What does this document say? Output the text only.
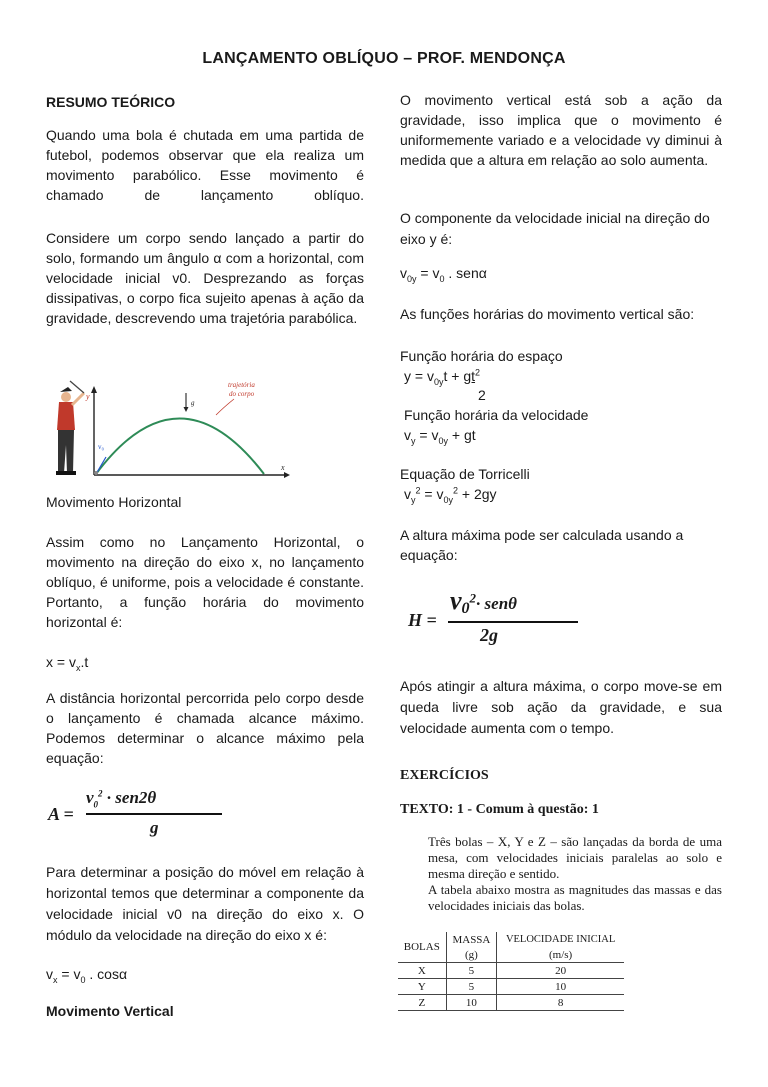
LANÇAMENTO OBLÍQUO – PROF. MENDONÇA
RESUMO TEÓRICO

Quando uma bola é chutada em uma partida de

futebol, podemos observar que ela realiza um

movimento parabólico. Esse movimento é

chamado de lançamento oblíquo.

Considere um corpo sendo lançado a partir do solo, formando um ângulo α com a horizontal, com velocidade inicial v0. Desprezando as forças dissipativas, o corpo fica sujeito apenas à ação da gravidade, descrevendo uma trajetória parabólica.

y
x
v₀
g
trajetória
do corpo

Movimento Horizontal

Assim como no Lançamento Horizontal, o movimento na direção do eixo x, no lançamento oblíquo, é uniforme, pois a velocidade é constante. Portanto, a função horária do movimento horizontal é:

$x = v_x.t$

A distância horizontal percorrida pelo corpo desde o lançamento é chamada alcance máximo. Podemos determinar o alcance máximo pela equação:

A =
$v_0^2 \cdot sen2\theta$
g

Para determinar a posição do móvel em relação à horizontal temos que determinar a componente da velocidade inicial v0 na direção do eixo x. O módulo da velocidade na direção do eixo x é:

$v_x = v_0$ . cosα

Movimento Vertical

O movimento vertical está sob a ação da gravidade, isso implica que o movimento é uniformemente variado e a velocidade vy diminui à medida que a altura em relação ao solo aumenta.

O componente da velocidade inicial na direção do eixo y é:

$v_{0y} = v_0$ . senα

As funções horárias do movimento vertical são:

Função horária do espaço

$y = v_{0y}t + gt^2$

2

Função horária da velocidade

$v_y = v_{0y}$ + gt

Equação de Torricelli

$v_y^2 = v_{0y}^2 + 2gy$

A altura máxima pode ser calculada usando a equação:

H =
$v_0^2\cdot sen\theta$
2g

Após atingir a altura máxima, o corpo move-se em queda livre sob ação da gravidade, e sua velocidade aumenta com o tempo.

EXERCÍCIOS

TEXTO: 1 - Comum à questão: 1

Três bolas – X, Y e Z – são lançadas da borda de uma mesa, com velocidades iniciais paralelas ao solo e mesma direção e sentido.

A tabela abaixo mostra as magnitudes das massas e das velocidades iniciais das bolas.

BOLAS	MASSA	VELOCIDADE INICIAL
	(g)	(m/s)
X	5	20
Y	5	10
Z	10	8
